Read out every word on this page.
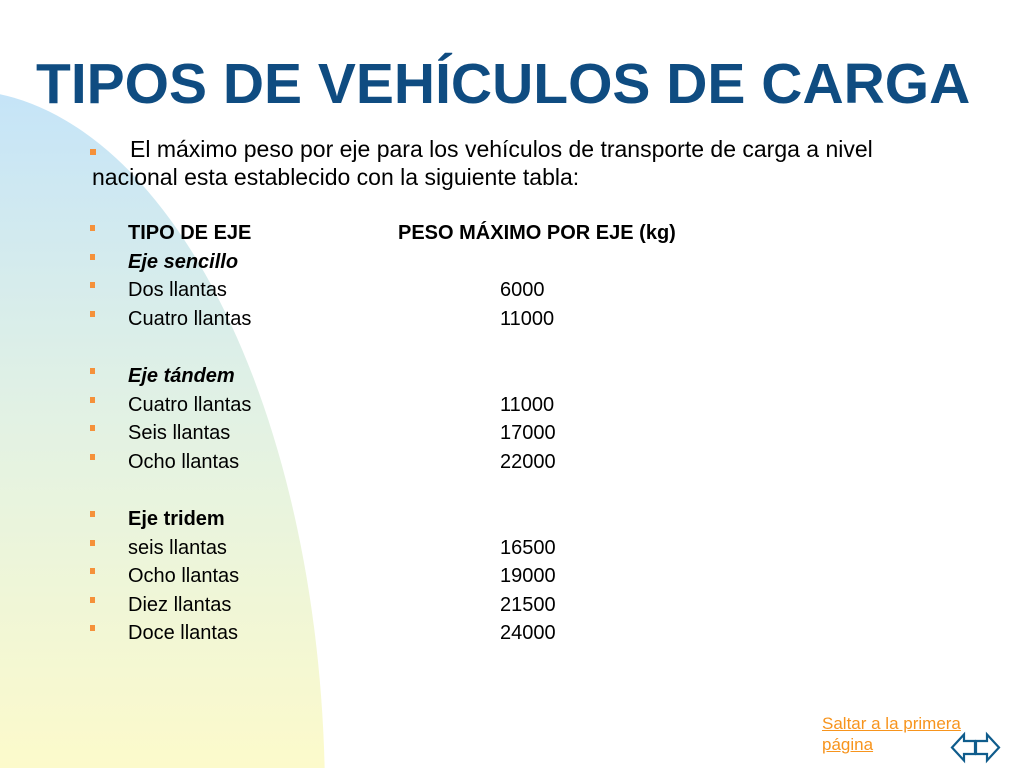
TIPOS DE VEHÍCULOS DE CARGA

El máximo peso por eje para los vehículos de transporte de carga a nivel nacional esta establecido con la siguiente tabla:

TIPO DE EJE	PESO MÁXIMO POR EJE (kg)
Eje sencillo
Dos llantas	6000
Cuatro llantas	11000
Eje tándem
Cuatro llantas	11000
Seis llantas	17000
Ocho llantas	22000
Eje tridem
seis llantas	16500
Ocho llantas	19000
Diez llantas	21500
Doce llantas	24000
Saltar a la primera página
